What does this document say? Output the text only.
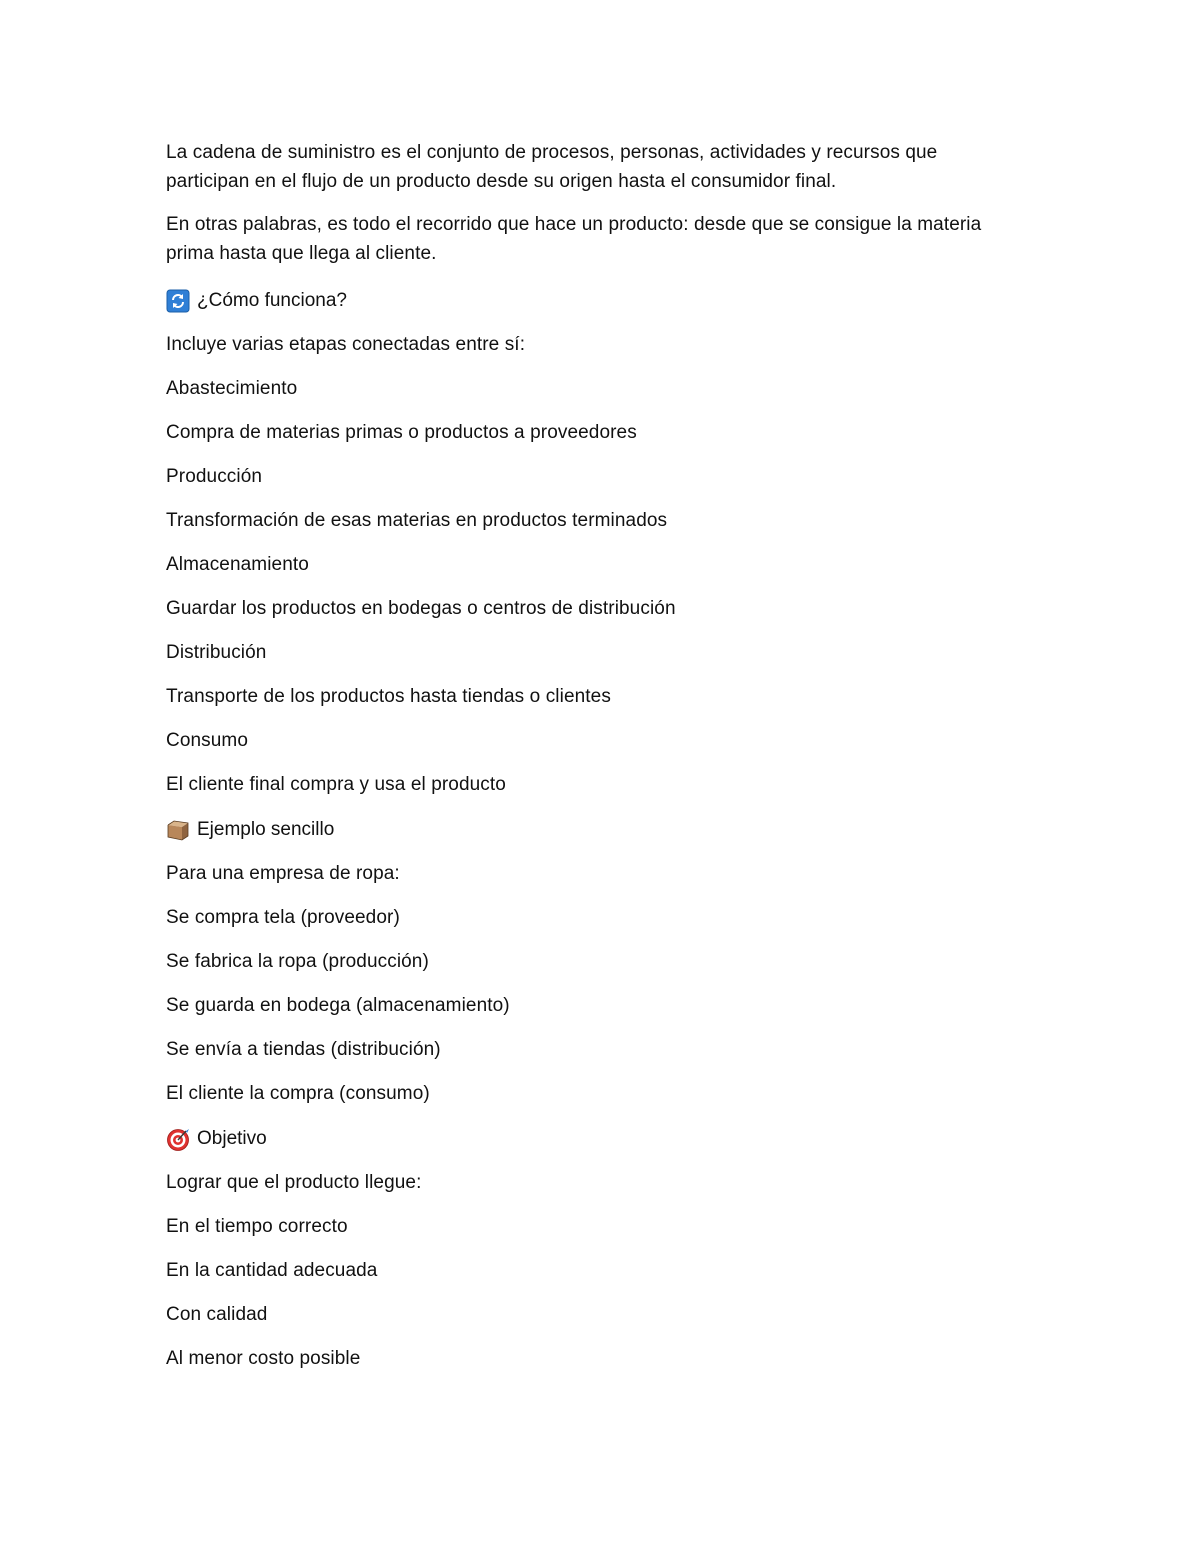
La cadena de suministro es el conjunto de procesos, personas, actividades y recursos que participan en el flujo de un producto desde su origen hasta el consumidor final.

En otras palabras, es todo el recorrido que hace un producto: desde que se consigue la materia prima hasta que llega al cliente.

¿Cómo funciona?
Incluye varias etapas conectadas entre sí:
Abastecimiento
Compra de materias primas o productos a proveedores
Producción
Transformación de esas materias en productos terminados
Almacenamiento
Guardar los productos en bodegas o centros de distribución
Distribución
Transporte de los productos hasta tiendas o clientes
Consumo
El cliente final compra y usa el producto
Ejemplo sencillo
Para una empresa de ropa:
Se compra tela (proveedor)
Se fabrica la ropa (producción)
Se guarda en bodega (almacenamiento)
Se envía a tiendas (distribución)
El cliente la compra (consumo)
Objetivo
Lograr que el producto llegue:
En el tiempo correcto
En la cantidad adecuada
Con calidad
Al menor costo posible
